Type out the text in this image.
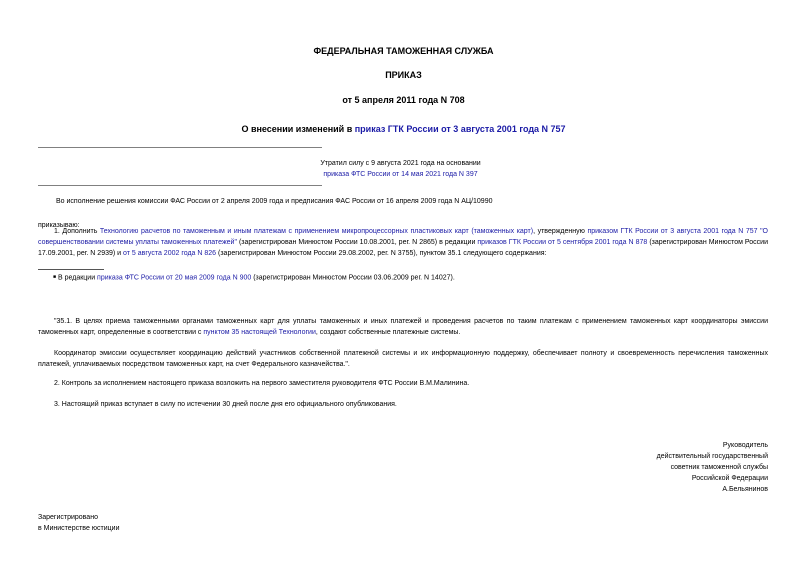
ФЕДЕРАЛЬНАЯ ТАМОЖЕННАЯ СЛУЖБА
ПРИКАЗ
от 5 апреля 2011 года N 708
О внесении изменений в приказ ГТК России от 3 августа 2001 года N 757
Утратил силу с 9 августа 2021 года на основании
приказа ФТС России от 14 мая 2021 года N 397
Во исполнение решения комиссии ФАС России от 2 апреля 2009 года и предписания ФАС России от 16 апреля 2009 года N АЦ/10990
приказываю:
1. Дополнить Технологию расчетов по таможенным и иным платежам с применением микропроцессорных пластиковых карт (таможенных карт), утвержденную приказом ГТК России от 3 августа 2001 года N 757 "О совершенствовании системы уплаты таможенных платежей" (зарегистрирован Минюстом России 10.08.2001, рег. N 2865) в редакции приказов ГТК России от 5 сентября 2001 года N 878 (зарегистрирован Минюстом России 17.09.2001, рег. N 2939) и от 5 августа 2002 года N 826 (зарегистрирован Минюстом России 29.08.2002, рег. N 3755), пунктом 35.1 следующего содержания:
■ В редакции приказа ФТС России от 20 мая 2009 года N 900 (зарегистрирован Минюстом России 03.06.2009 рег. N 14027).
"35.1. В целях приема таможенными органами таможенных карт для уплаты таможенных и иных платежей и проведения расчетов по таким платежам с применением таможенных карт координаторы эмиссии таможенных карт, определенные в соответствии с пунктом 35 настоящей Технологии, создают собственные платежные системы.
Координатор эмиссии осуществляет координацию действий участников собственной платежной системы и их информационную поддержку, обеспечивает полноту и своевременность перечисления таможенных платежей, уплачиваемых посредством таможенных карт, на счет Федерального казначейства.".
2. Контроль за исполнением настоящего приказа возложить на первого заместителя руководителя ФТС России В.М.Малинина.
3. Настоящий приказ вступает в силу по истечении 30 дней после дня его официального опубликования.
Руководитель
действительный государственный
советник таможенной службы
Российской Федерации
А.Бельянинов
Зарегистрировано
в Министерстве юстиции
